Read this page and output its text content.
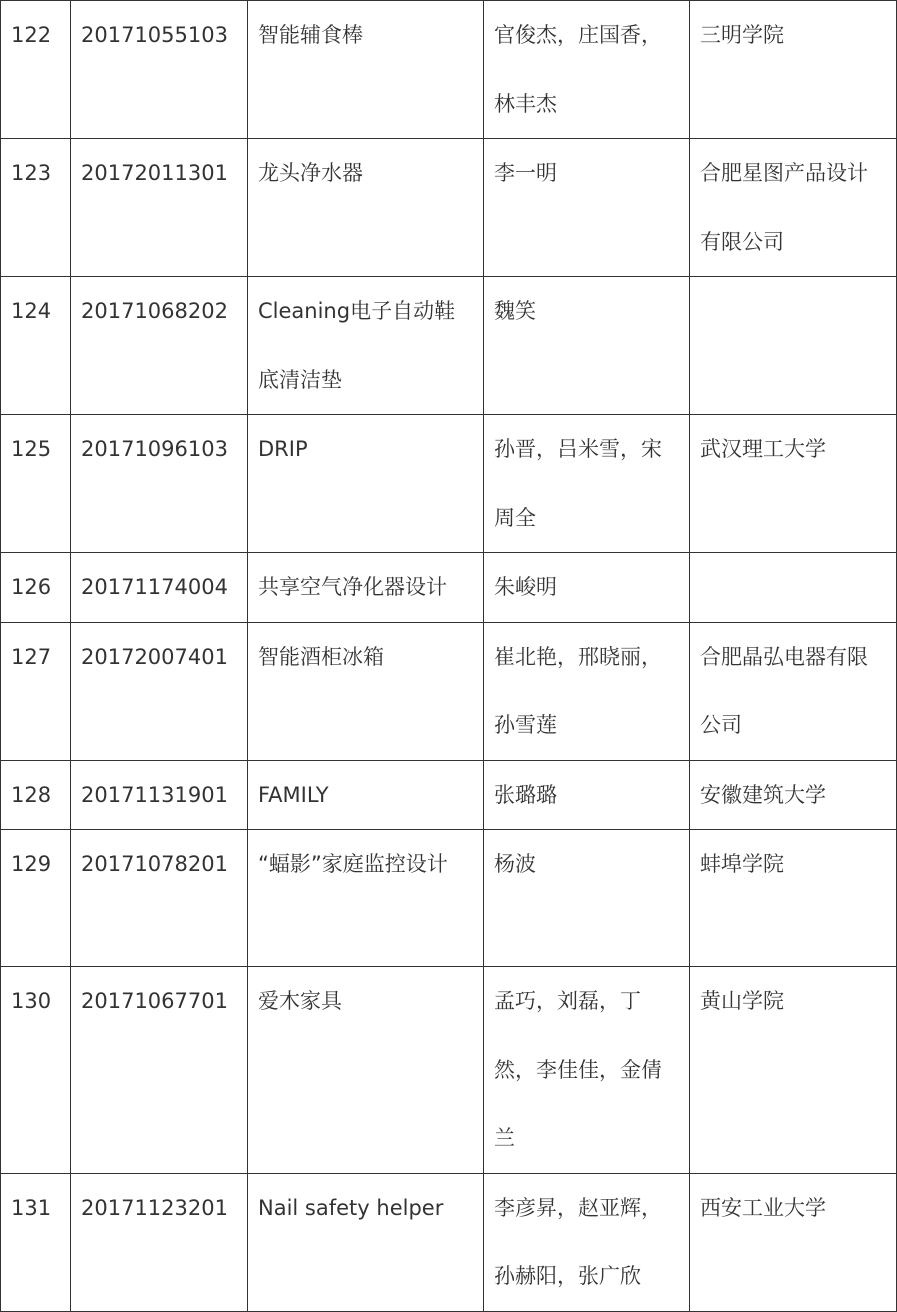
122	20171055103	智能辅食棒	官俊杰，庄国香，林丰杰	三明学院
123	20172011301	龙头净水器	李一明	合肥星图产品设计有限公司
124	20171068202	Cleaning电子自动鞋底清洁垫	魏笑	
125	20171096103	DRIP	孙晋，吕米雪，宋周全	武汉理工大学
126	20171174004	共享空气净化器设计	朱峻明	
127	20172007401	智能酒柜冰箱	崔北艳，邢晓丽，孙雪莲	合肥晶弘电器有限公司
128	20171131901	FAMILY	张璐璐	安徽建筑大学
129	20171078201	“蝠影”家庭监控设计	杨波	蚌埠学院
130	20171067701	爱木家具	孟巧，刘磊，丁然，李佳佳，金倩兰	黄山学院
131	20171123201	Nail safety helper	李彦昇，赵亚辉，孙赫阳，张广欣	西安工业大学
